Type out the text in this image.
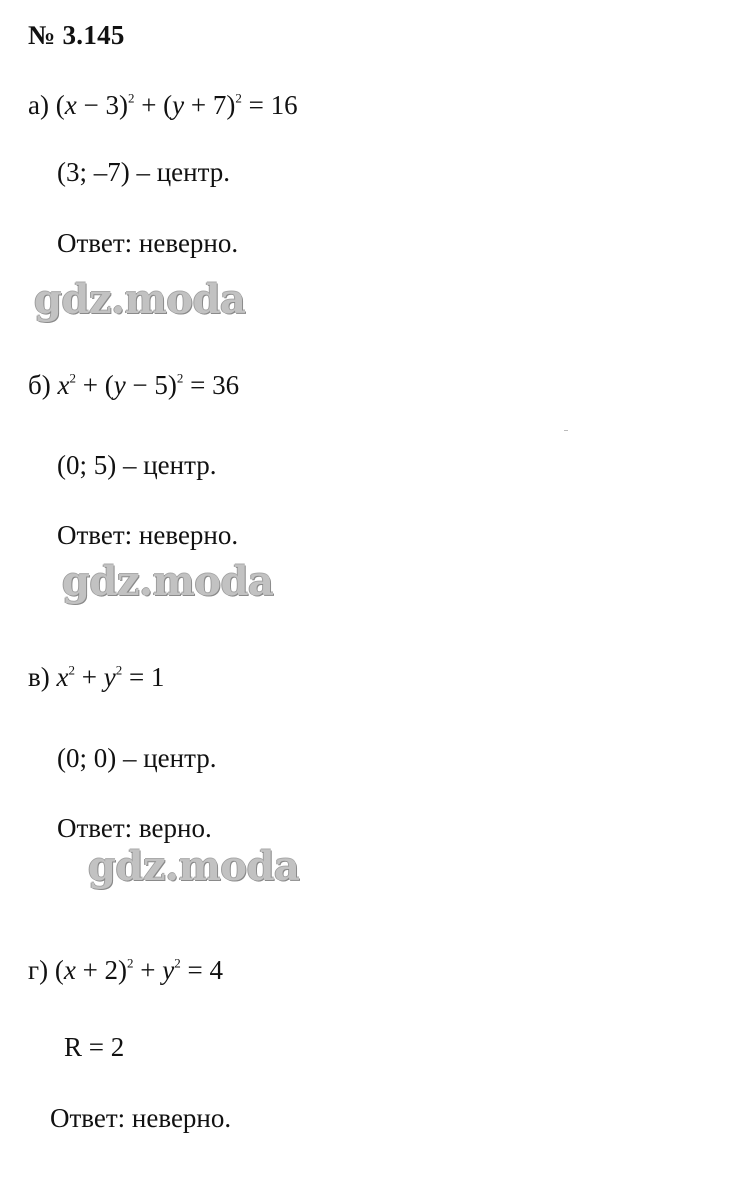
№ 3.145
а) $(x - 3)^2 + (y + 7)^2 = 16$
(3; –7) – центр.
Ответ: неверно.
gdz.moda
б) $x^2 + (y - 5)^2 = 36$
(0; 5) – центр.
Ответ: неверно.
gdz.moda
в) $x^2 + y^2 = 1$
(0; 0) – центр.
Ответ: верно.
gdz.moda
г) $(x + 2)^2 + y^2 = 4$
R = 2
Ответ: неверно.
